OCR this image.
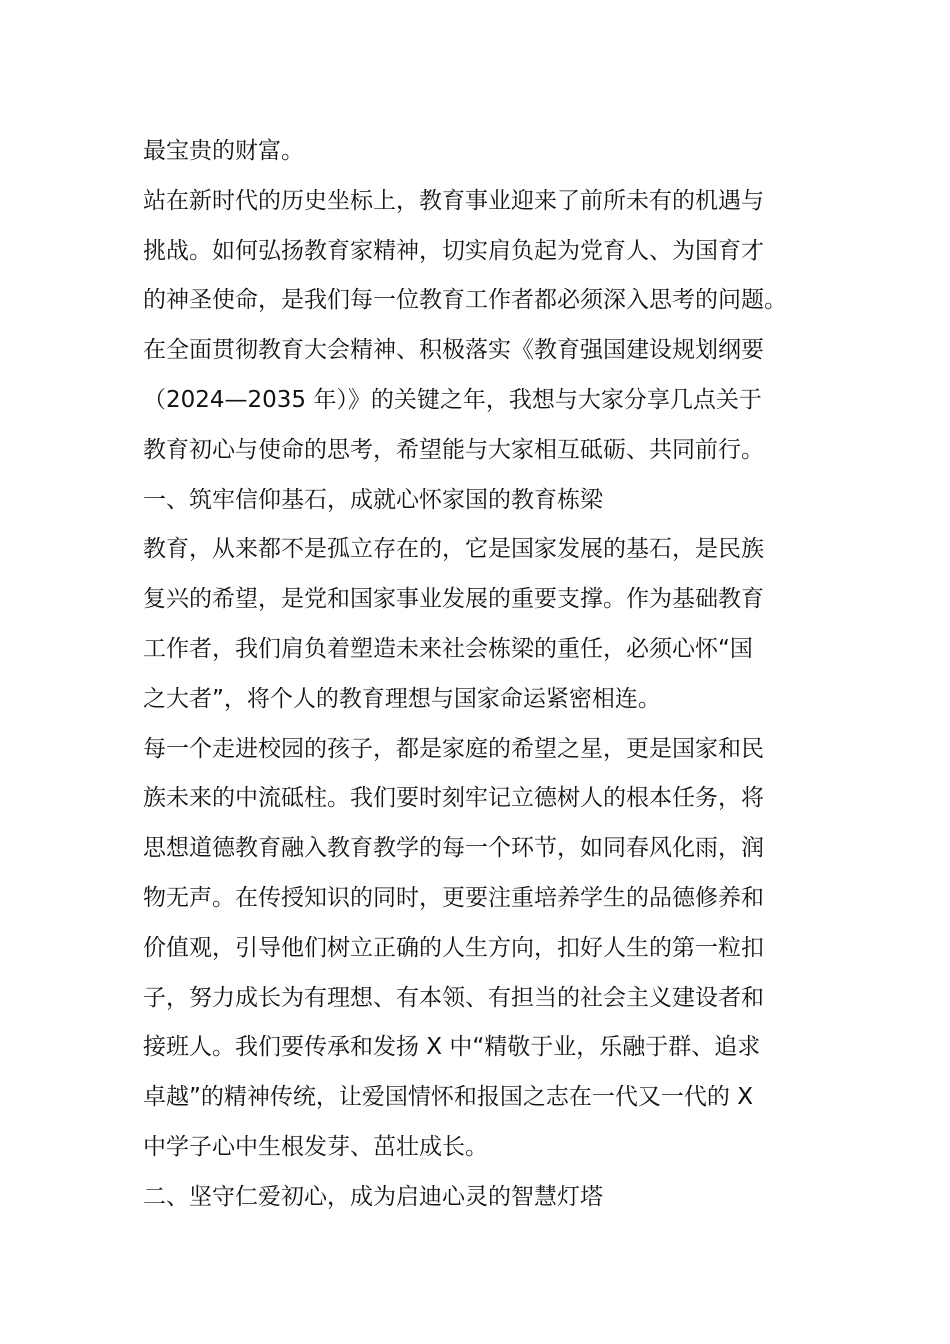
最宝贵的财富。
站在新时代的历史坐标上，教育事业迎来了前所未有的机遇与
挑战。如何弘扬教育家精神，切实肩负起为党育人、为国育才
的神圣使命，是我们每一位教育工作者都必须深入思考的问题。
在全面贯彻教育大会精神、积极落实《教育强国建设规划纲要
（2024—2035 年）》的关键之年，我想与大家分享几点关于
教育初心与使命的思考，希望能与大家相互砥砺、共同前行。
一、筑牢信仰基石，成就心怀家国的教育栋梁
教育，从来都不是孤立存在的，它是国家发展的基石，是民族
复兴的希望，是党和国家事业发展的重要支撑。作为基础教育
工作者，我们肩负着塑造未来社会栋梁的重任，必须心怀“国
之大者”，将个人的教育理想与国家命运紧密相连。
每一个走进校园的孩子，都是家庭的希望之星，更是国家和民
族未来的中流砥柱。我们要时刻牢记立德树人的根本任务，将
思想道德教育融入教育教学的每一个环节，如同春风化雨，润
物无声。在传授知识的同时，更要注重培养学生的品德修养和
价值观，引导他们树立正确的人生方向，扣好人生的第一粒扣
子，努力成长为有理想、有本领、有担当的社会主义建设者和
接班人。我们要传承和发扬 X 中“精敬于业，乐融于群、追求
卓越”的精神传统，让爱国情怀和报国之志在一代又一代的 X
中学子心中生根发芽、茁壮成长。
二、坚守仁爱初心，成为启迪心灵的智慧灯塔
